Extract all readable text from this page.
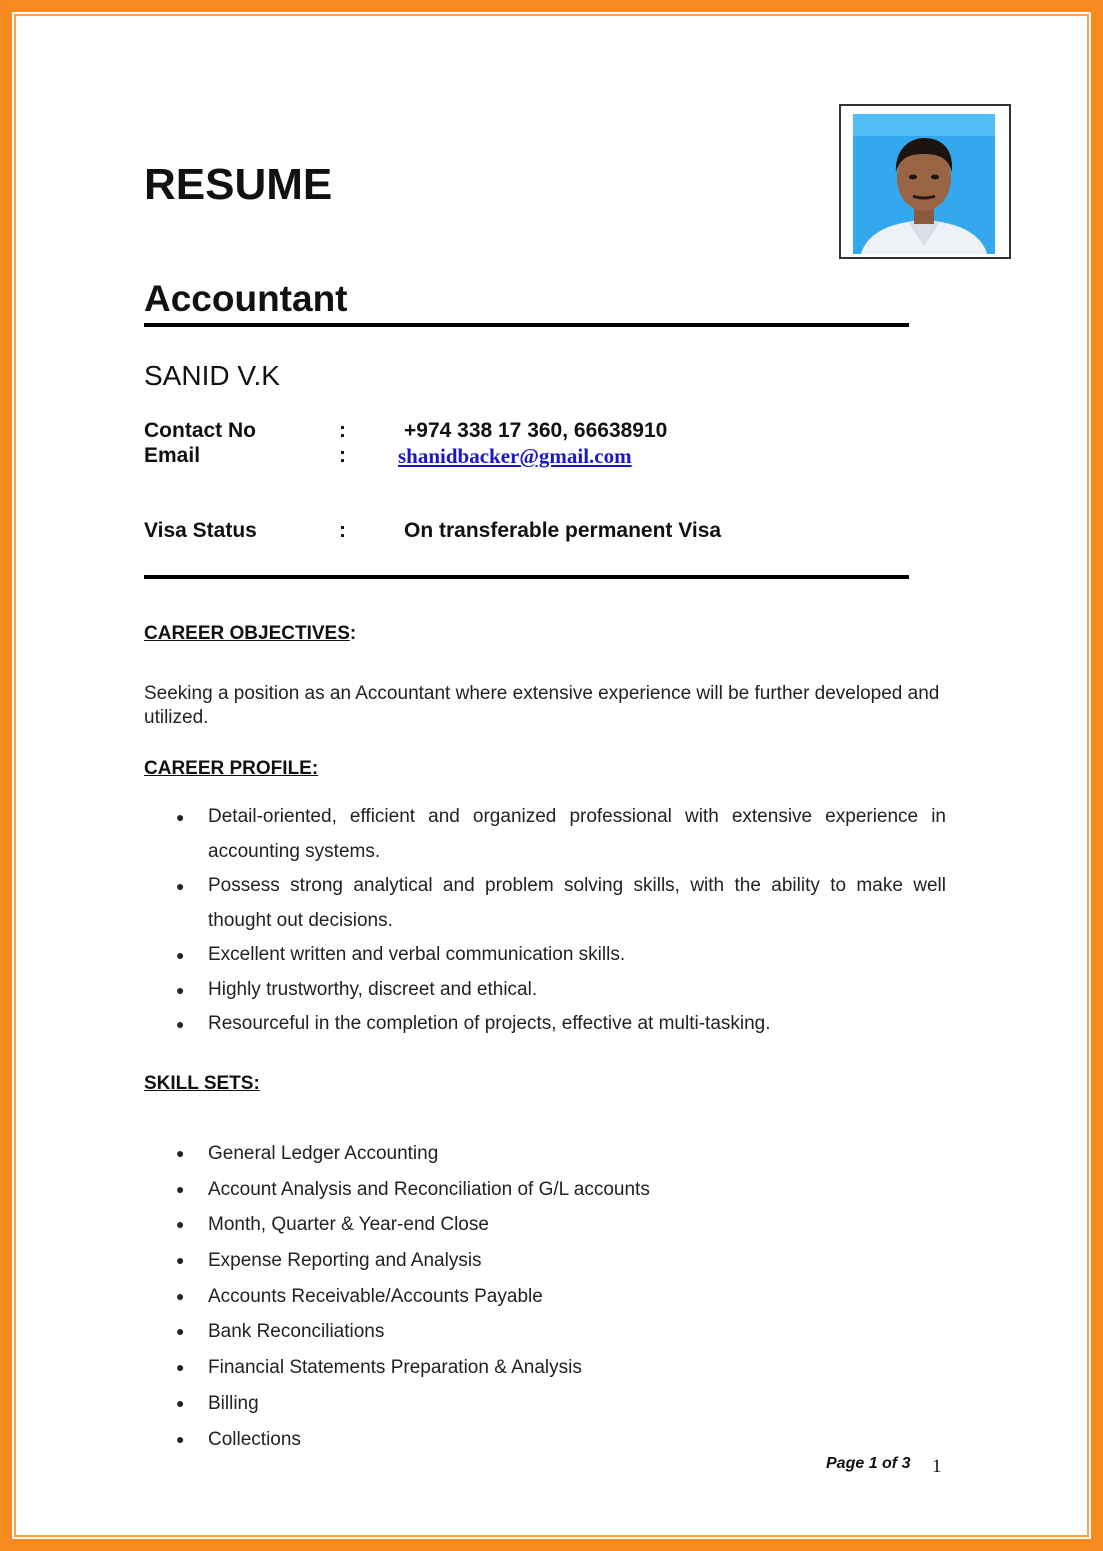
RESUME
Accountant
SANID V.K
Contact No	:	+974 338 17 360, 66638910
Email	: shanidbacker@gmail.com
Visa Status	:	On transferable permanent Visa
CAREER OBJECTIVES:
Seeking a position as an Accountant where extensive experience will be further developed and utilized.
CAREER PROFILE:
● Detail-oriented, efficient and organized professional with extensive experience in accounting systems.
● Possess strong analytical and problem solving skills, with the ability to make well thought out decisions.
● Excellent written and verbal communication skills.
● Highly trustworthy, discreet and ethical.
● Resourceful in the completion of projects, effective at multi-tasking.
SKILL SETS:
● General Ledger Accounting
● Account Analysis and Reconciliation of G/L accounts
● Month, Quarter & Year-end Close
● Expense Reporting and Analysis
● Accounts Receivable/Accounts Payable
● Bank Reconciliations
● Financial Statements Preparation & Analysis
● Billing
● Collections
Page 1 of 3 1
